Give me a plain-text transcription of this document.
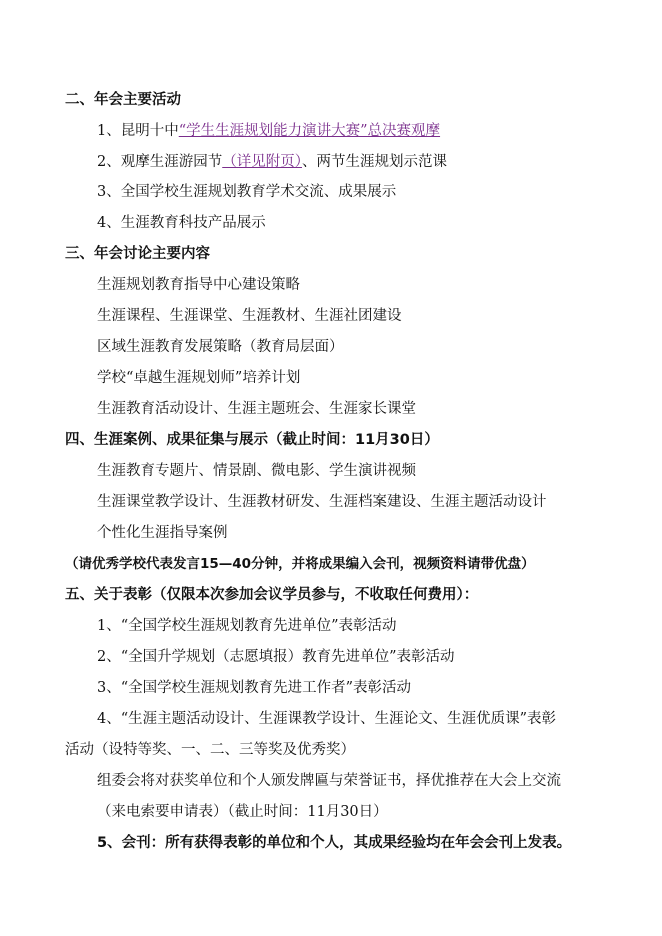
二、年会主要活动
1、昆明十中“学生生涯规划能力演讲大赛”总决赛观摩
2、观摩生涯游园节（详见附页）、两节生涯规划示范课
3、全国学校生涯规划教育学术交流、成果展示
4、生涯教育科技产品展示
三、年会讨论主要内容
生涯规划教育指导中心建设策略
生涯课程、生涯课堂、生涯教材、生涯社团建设
区域生涯教育发展策略（教育局层面）
学校“卓越生涯规划师”培养计划
生涯教育活动设计、生涯主题班会、生涯家长课堂
四、生涯案例、成果征集与展示（截止时间：11月30日）
生涯教育专题片、情景剧、微电影、学生演讲视频
生涯课堂教学设计、生涯教材研发、生涯档案建设、生涯主题活动设计
个性化生涯指导案例
（请优秀学校代表发言15—40分钟，并将成果编入会刊，视频资料请带优盘）
五、关于表彰（仅限本次参加会议学员参与，不收取任何费用）：
1、“全国学校生涯规划教育先进单位”表彰活动
2、“全国升学规划（志愿填报）教育先进单位”表彰活动
3、“全国学校生涯规划教育先进工作者”表彰活动
4、“生涯主题活动设计、生涯课教学设计、生涯论文、生涯优质课”表彰
活动（设特等奖、一、二、三等奖及优秀奖）
组委会将对获奖单位和个人颁发牌匾与荣誉证书，择优推荐在大会上交流
（来电索要申请表）（截止时间：11月30日）
5、会刊：所有获得表彰的单位和个人，其成果经验均在年会会刊上发表。
